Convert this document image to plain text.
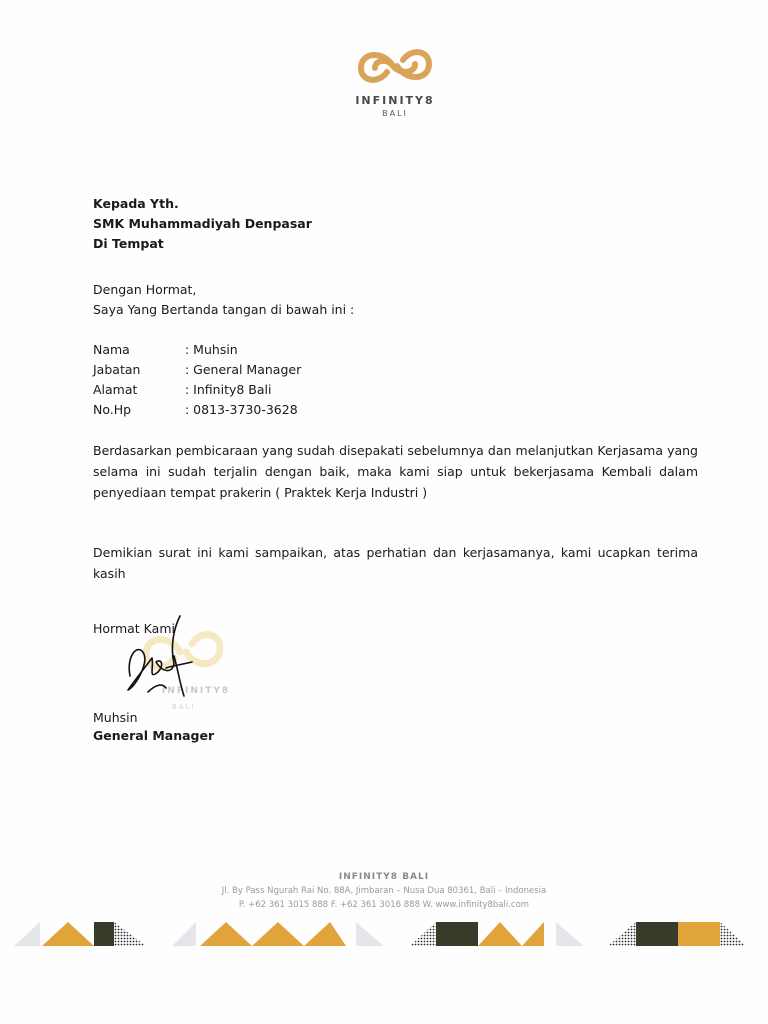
INFINITY8
BALI
Kepada Yth.
SMK Muhammadiyah Denpasar
Di Tempat
Dengan Hormat,
Saya Yang Bertanda tangan di bawah ini :
Nama	: Muhsin
Jabatan	: General Manager
Alamat	: Infinity8 Bali
No.Hp	: 0813-3730-3628
Berdasarkan pembicaraan yang sudah disepakati sebelumnya dan melanjutkan Kerjasama yang selama ini sudah terjalin dengan baik, maka kami siap untuk bekerjasama Kembali dalam penyediaan tempat prakerin ( Praktek Kerja Industri )
Demikian surat ini kami sampaikan, atas perhatian dan kerjasamanya, kami ucapkan terima kasih
INFINITY8
BALI
Hormat Kami
Muhsin
General Manager
INFINITY8 BALI
Jl. By Pass Ngurah Rai No. 88A, Jimbaran – Nusa Dua 80361, Bali – Indonesia
P. +62 361 3015 888 F. +62 361 3016 888 W. www.infinity8bali.com
